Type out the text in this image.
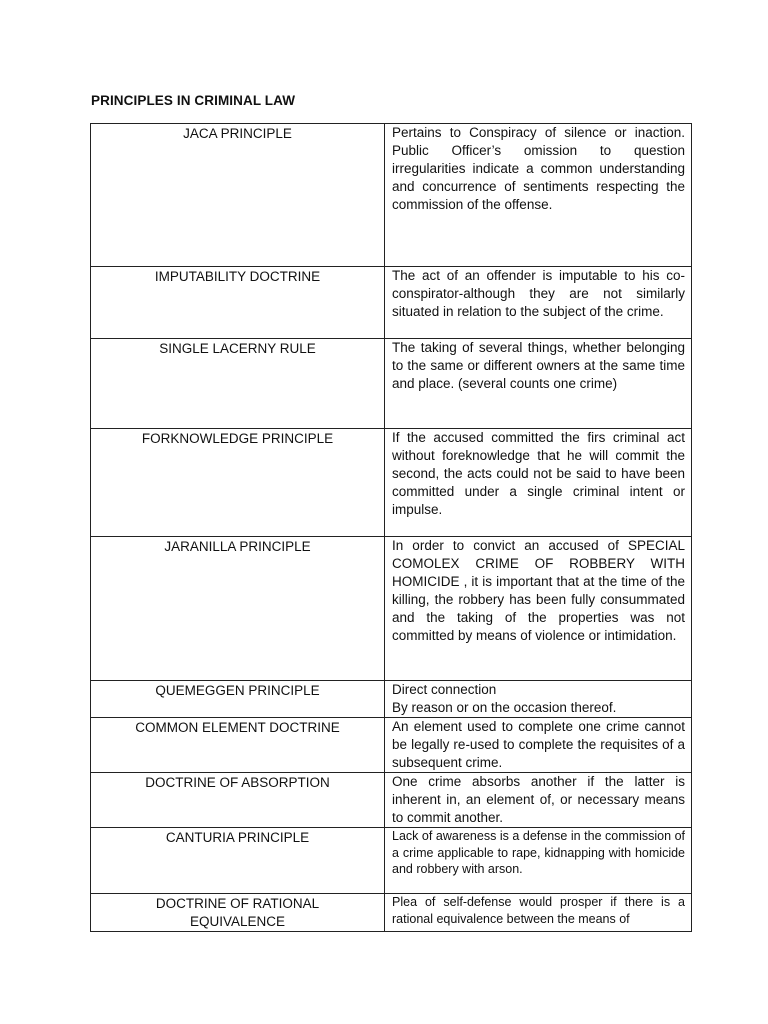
PRINCIPLES IN CRIMINAL LAW
JACA PRINCIPLE	Pertains to Conspiracy of silence or inaction. Public Officer’s omission to question irregularities indicate a common understanding and concurrence of sentiments respecting the commission of the offense.

IMPUTABILITY DOCTRINE	The act of an offender is imputable to his co-conspirator-although they are not similarly situated in relation to the subject of the crime.

SINGLE LACERNY RULE	The taking of several things, whether belonging to the same or different owners at the same time and place. (several counts one crime)

FORKNOWLEDGE PRINCIPLE	If the accused committed the firs criminal act without foreknowledge that he will commit the second, the acts could not be said to have been committed under a single criminal intent or impulse.

JARANILLA PRINCIPLE	In order to convict an accused of SPECIAL COMOLEX CRIME OF ROBBERY WITH HOMICIDE , it is important that at the time of the killing, the robbery has been fully consummated and the taking of the properties was not committed by means of violence or intimidation.

QUEMEGGEN PRINCIPLE	Direct connection
By reason or on the occasion thereof.

COMMON ELEMENT DOCTRINE	An element used to complete one crime cannot be legally re-used to complete the requisites of a subsequent crime.

DOCTRINE OF ABSORPTION	One crime absorbs another if the latter is inherent in, an element of, or necessary means to commit another.

CANTURIA PRINCIPLE	Lack of awareness is a defense in the commission of a crime applicable to rape, kidnapping with homicide and robbery with arson.

DOCTRINE OF RATIONAL
EQUIVALENCE	Plea of self-defense would prosper if there is a rational equivalence between the means of
